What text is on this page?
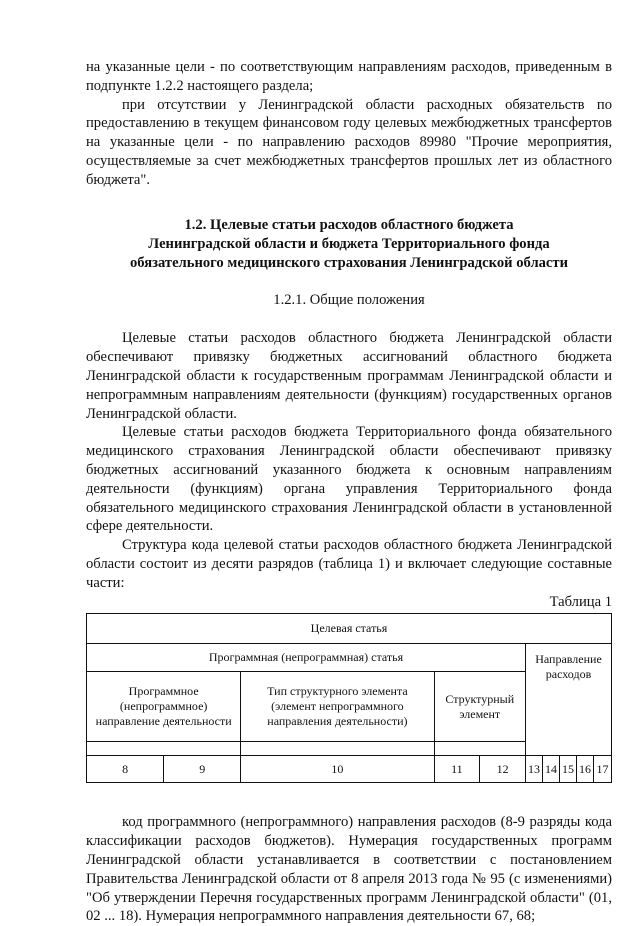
на указанные цели - по соответствующим направлениям расходов, приведенным в подпункте 1.2.2 настоящего раздела;

при отсутствии у Ленинградской области расходных обязательств по предоставлению в текущем финансовом году целевых межбюджетных трансфертов на указанные цели - по направлению расходов 89980 "Прочие мероприятия, осуществляемые за счет межбюджетных трансфертов прошлых лет из областного бюджета".

1.2. Целевые статьи расходов областного бюджета
Ленинградской области и бюджета Территориального фонда
обязательного медицинского страхования Ленинградской области
1.2.1. Общие положения

Целевые статьи расходов областного бюджета Ленинградской области обеспечивают привязку бюджетных ассигнований областного бюджета Ленинградской области к государственным программам Ленинградской области и непрограммным направлениям деятельности (функциям) государственных органов Ленинградской области.

Целевые статьи расходов бюджета Территориального фонда обязательного медицинского страхования Ленинградской области обеспечивают привязку бюджетных ассигнований указанного бюджета к основным направлениям деятельности (функциям) органа управления Территориального фонда обязательного медицинского страхования Ленинградской области в установленной сфере деятельности.

Структура кода целевой статьи расходов областного бюджета Ленинградской области состоит из десяти разрядов (таблица 1) и включает следующие составные части:

Таблица 1
Целевая статья									
Программная (непрограммная) статья					Направление расходов				
Программное (непрограммное) направление деятельности		Тип структурного элемента (элемент непрограммного направления деятельности)	Структурный элемент						

8	9	10	11	12	13	14	15	16	17

код программного (непрограммного) направления расходов (8-9 разряды кода классификации расходов бюджетов). Нумерация государственных программ Ленинградской области устанавливается в соответствии с постановлением Правительства Ленинградской области от 8 апреля 2013 года № 95 (с изменениями) "Об утверждении Перечня государственных программ Ленинградской области" (01, 02 ... 18). Нумерация непрограммного направления деятельности 67, 68;
